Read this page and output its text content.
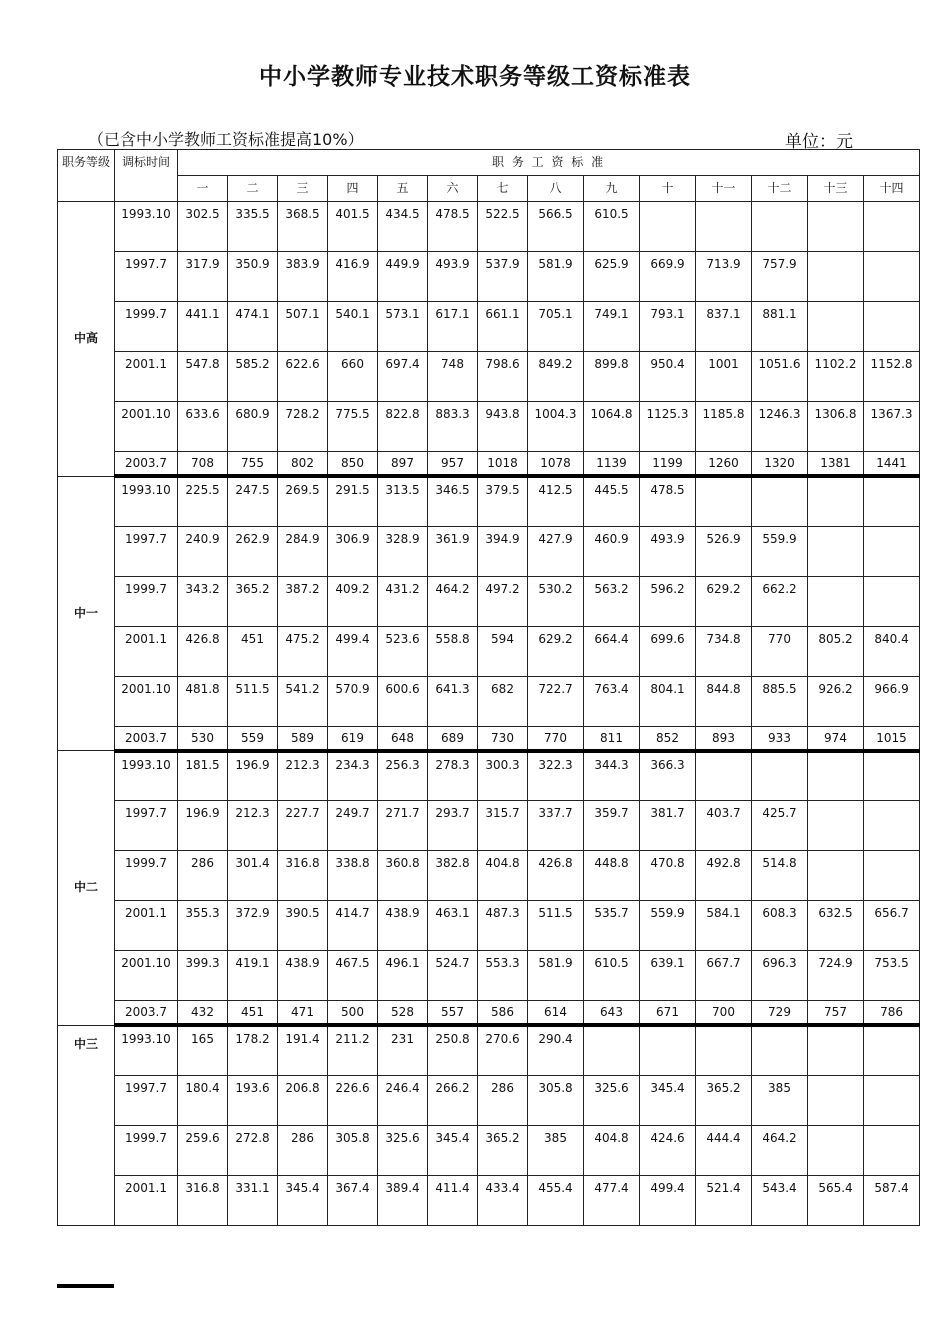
中小学教师专业技术职务等级工资标准表
（已含中小学教师工资标准提高10%）	单位：元
职务等级	调标时间	职 务 工 资 标 准													
		一	二	三	四	五	六	七	八	九	十	十一	十二	十三	十四
中高	1993.10	302.5	335.5	368.5	401.5	434.5	478.5	522.5	566.5	610.5					
	1997.7	317.9	350.9	383.9	416.9	449.9	493.9	537.9	581.9	625.9	669.9	713.9	757.9		
	1999.7	441.1	474.1	507.1	540.1	573.1	617.1	661.1	705.1	749.1	793.1	837.1	881.1		
	2001.1	547.8	585.2	622.6	660	697.4	748	798.6	849.2	899.8	950.4	1001	1051.6	1102.2	1152.8
	2001.10	633.6	680.9	728.2	775.5	822.8	883.3	943.8	1004.3	1064.8	1125.3	1185.8	1246.3	1306.8	1367.3
	2003.7	708	755	802	850	897	957	1018	1078	1139	1199	1260	1320	1381	1441
中一	1993.10	225.5	247.5	269.5	291.5	313.5	346.5	379.5	412.5	445.5	478.5				
	1997.7	240.9	262.9	284.9	306.9	328.9	361.9	394.9	427.9	460.9	493.9	526.9	559.9		
	1999.7	343.2	365.2	387.2	409.2	431.2	464.2	497.2	530.2	563.2	596.2	629.2	662.2		
	2001.1	426.8	451	475.2	499.4	523.6	558.8	594	629.2	664.4	699.6	734.8	770	805.2	840.4
	2001.10	481.8	511.5	541.2	570.9	600.6	641.3	682	722.7	763.4	804.1	844.8	885.5	926.2	966.9
	2003.7	530	559	589	619	648	689	730	770	811	852	893	933	974	1015
中二	1993.10	181.5	196.9	212.3	234.3	256.3	278.3	300.3	322.3	344.3	366.3				
	1997.7	196.9	212.3	227.7	249.7	271.7	293.7	315.7	337.7	359.7	381.7	403.7	425.7		
	1999.7	286	301.4	316.8	338.8	360.8	382.8	404.8	426.8	448.8	470.8	492.8	514.8		
	2001.1	355.3	372.9	390.5	414.7	438.9	463.1	487.3	511.5	535.7	559.9	584.1	608.3	632.5	656.7
	2001.10	399.3	419.1	438.9	467.5	496.1	524.7	553.3	581.9	610.5	639.1	667.7	696.3	724.9	753.5
	2003.7	432	451	471	500	528	557	586	614	643	671	700	729	757	786
中三	1993.10	165	178.2	191.4	211.2	231	250.8	270.6	290.4						
	1997.7	180.4	193.6	206.8	226.6	246.4	266.2	286	305.8	325.6	345.4	365.2	385		
	1999.7	259.6	272.8	286	305.8	325.6	345.4	365.2	385	404.8	424.6	444.4	464.2		
	2001.1	316.8	331.1	345.4	367.4	389.4	411.4	433.4	455.4	477.4	499.4	521.4	543.4	565.4	587.4
